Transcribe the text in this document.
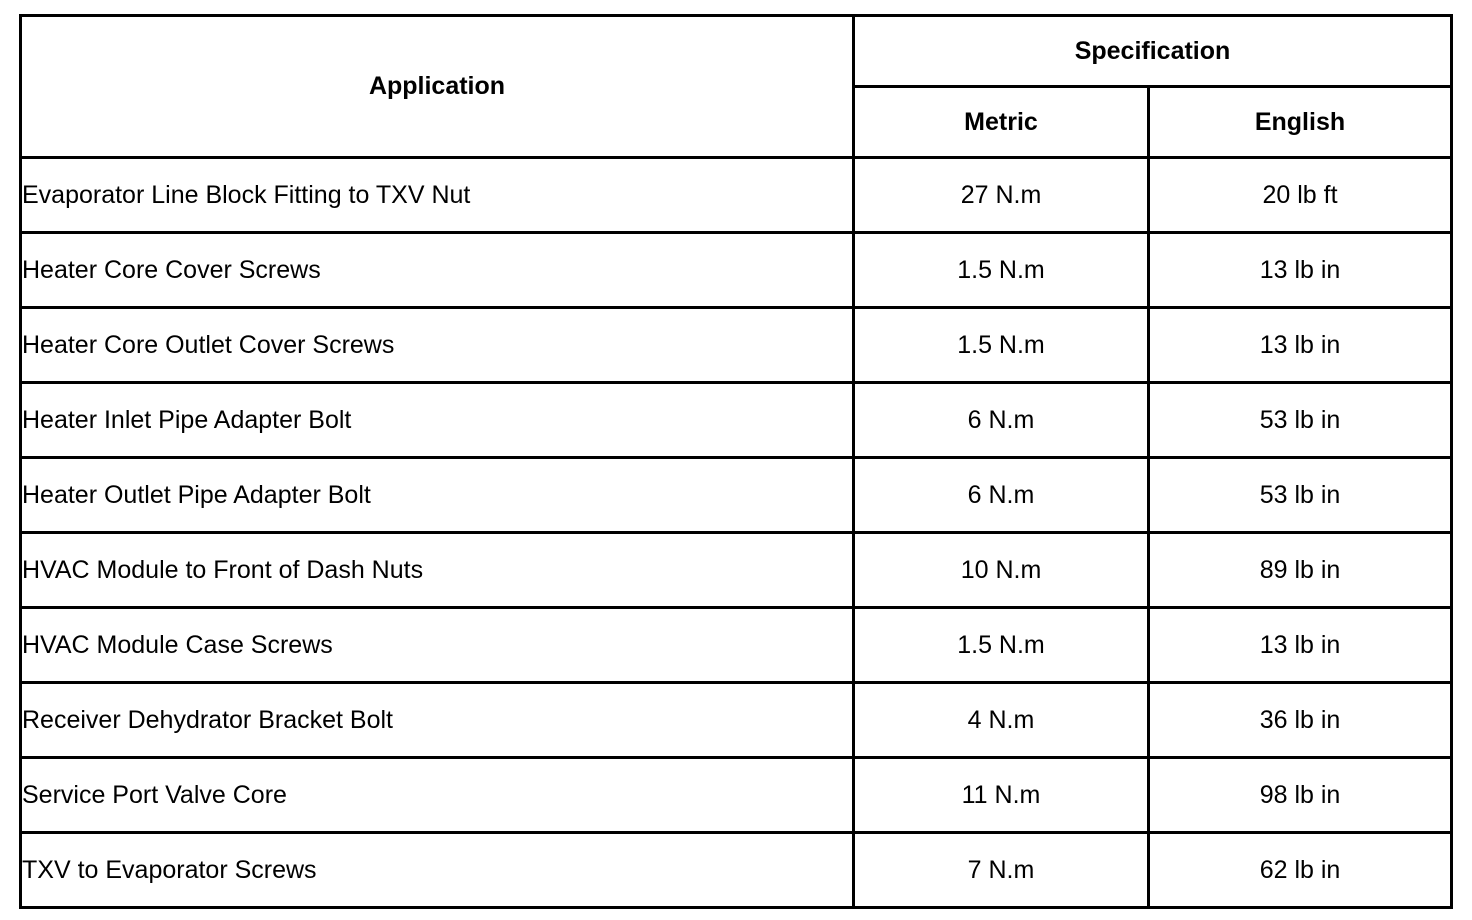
Application	Specification	
	Metric	English
Evaporator Line Block Fitting to TXV Nut	27 N.m	20 lb ft
Heater Core Cover Screws	1.5 N.m	13 lb in
Heater Core Outlet Cover Screws	1.5 N.m	13 lb in
Heater Inlet Pipe Adapter Bolt	6 N.m	53 lb in
Heater Outlet Pipe Adapter Bolt	6 N.m	53 lb in
HVAC Module to Front of Dash Nuts	10 N.m	89 lb in
HVAC Module Case Screws	1.5 N.m	13 lb in
Receiver Dehydrator Bracket Bolt	4 N.m	36 lb in
Service Port Valve Core	11 N.m	98 lb in
TXV to Evaporator Screws	7 N.m	62 lb in
